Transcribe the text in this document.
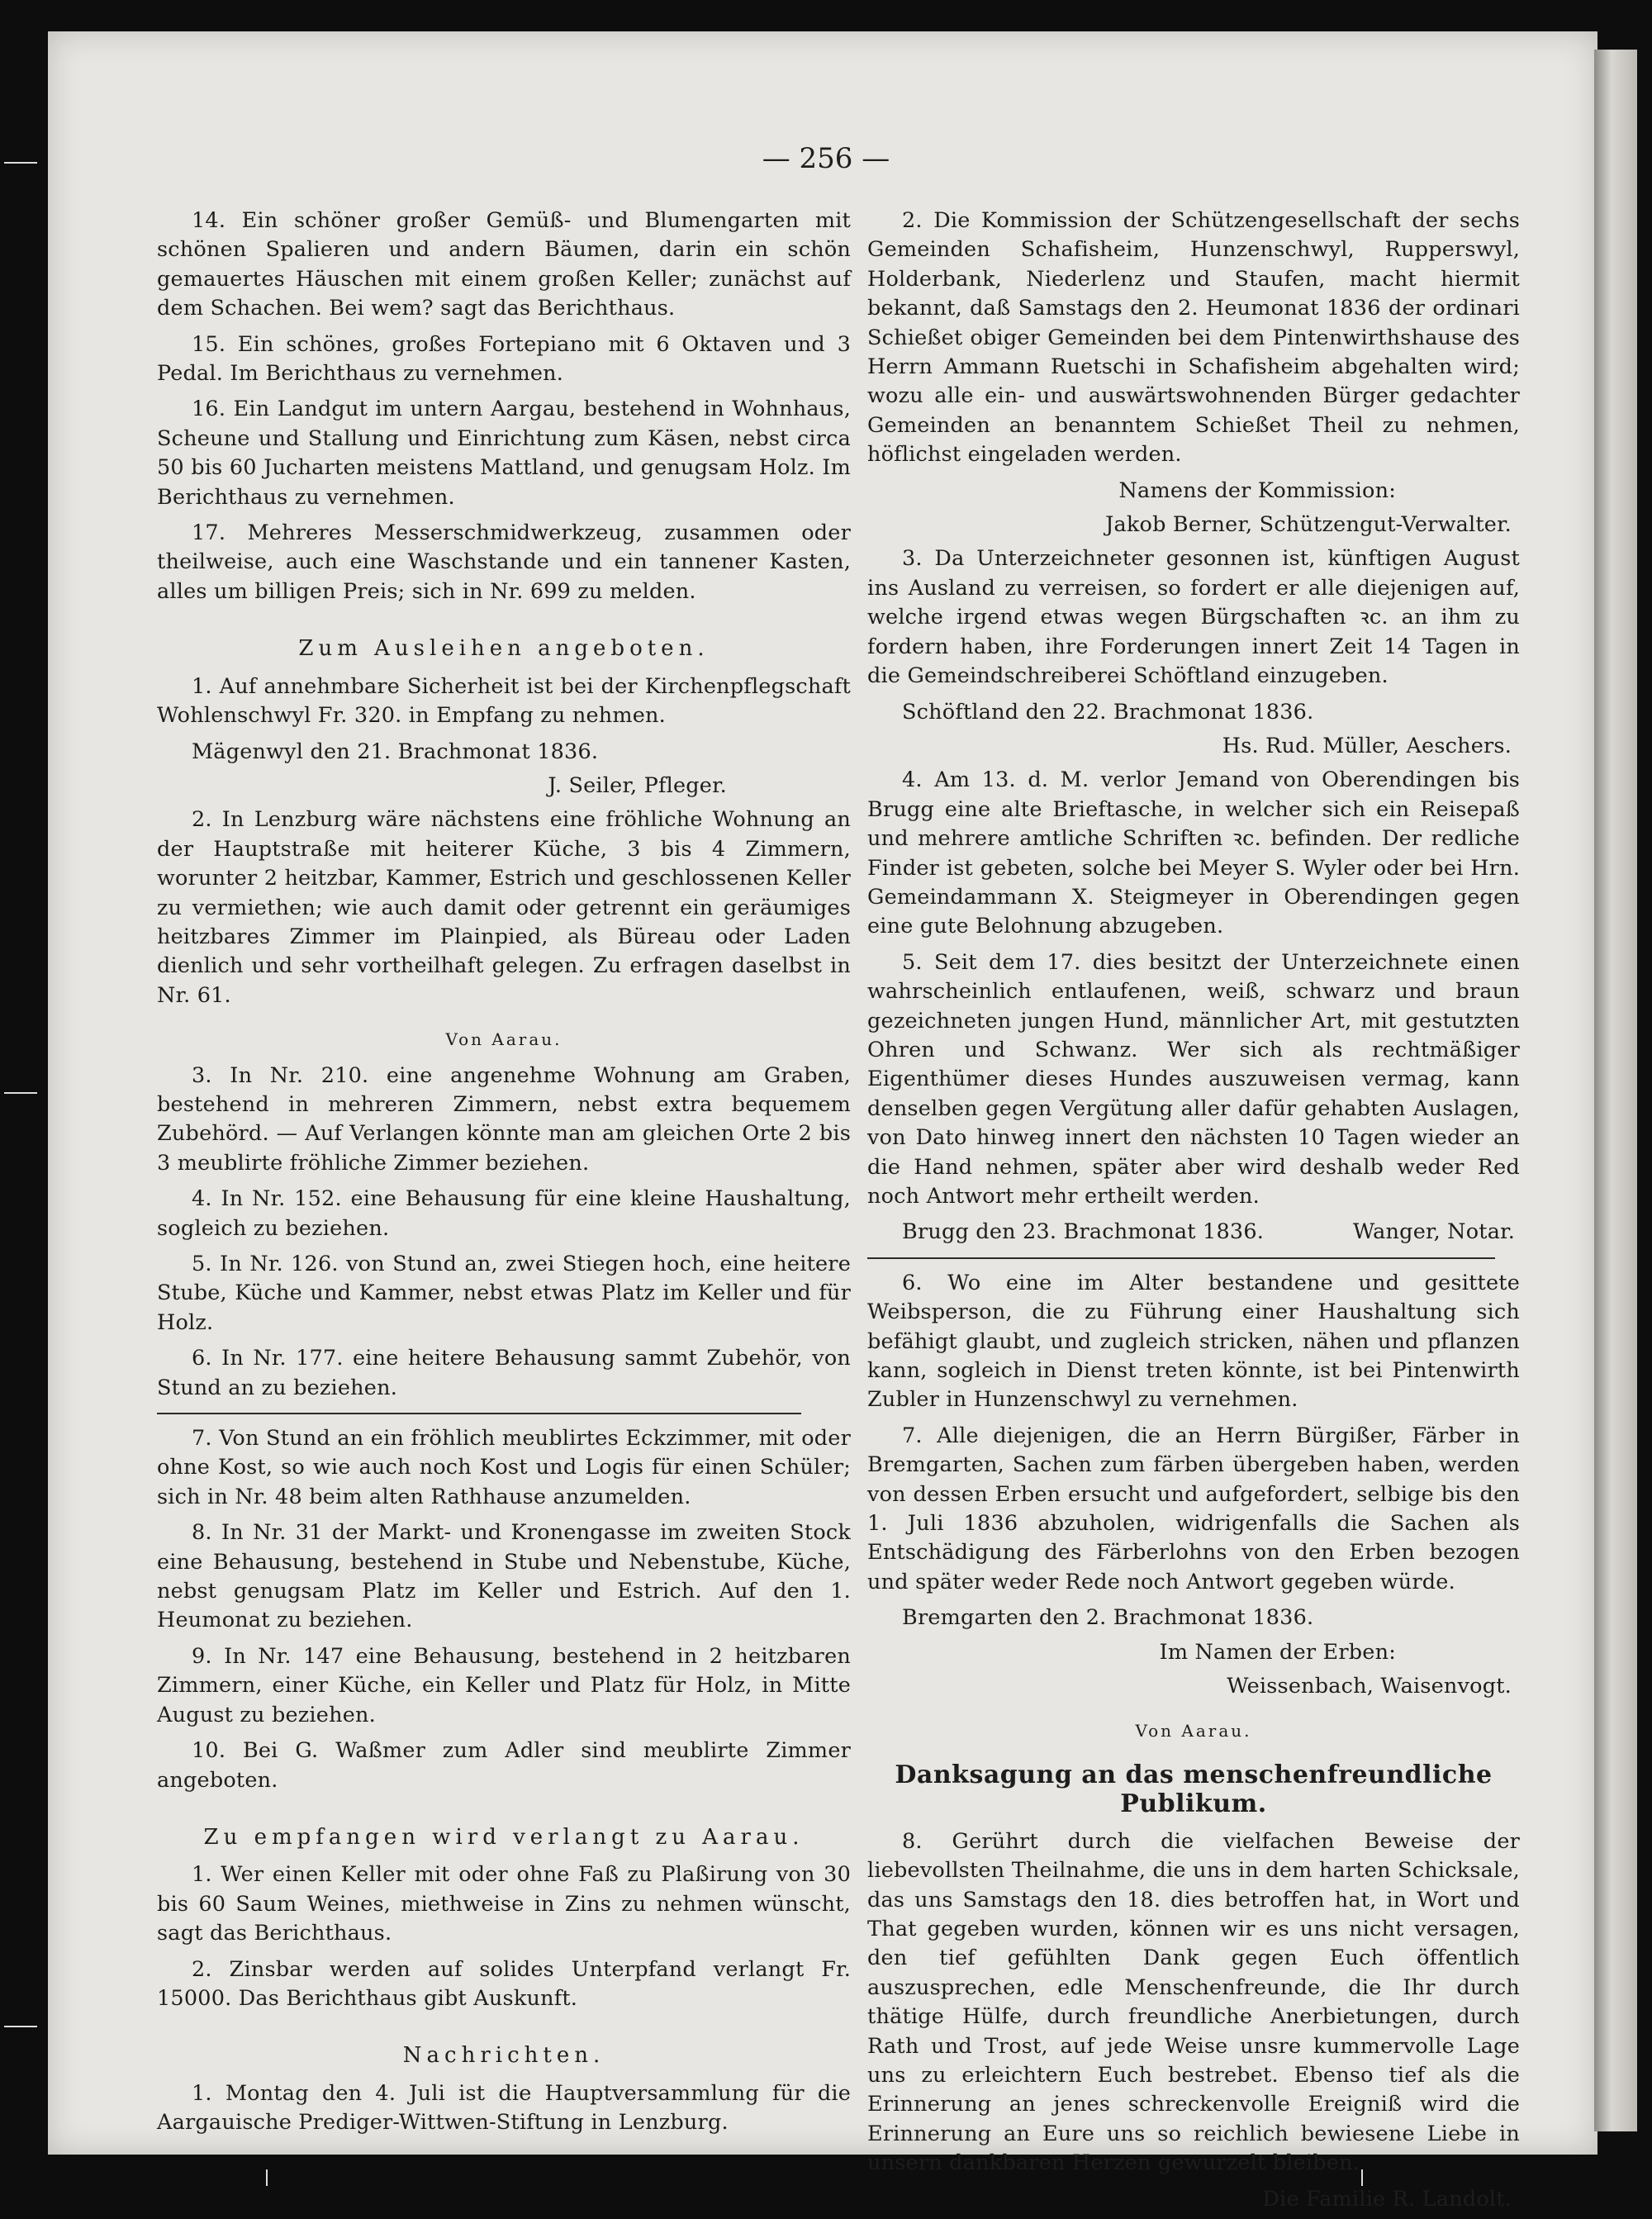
— 256 —

14. Ein schöner großer Gemüß- und Blumengarten mit schönen Spalieren und andern Bäumen, darin ein schön gemauertes Häuschen mit einem großen Keller; zunächst auf dem Schachen. Bei wem? sagt das Berichthaus.

15. Ein schönes, großes Fortepiano mit 6 Oktaven und 3 Pedal. Im Berichthaus zu vernehmen.

16. Ein Landgut im untern Aargau, bestehend in Wohnhaus, Scheune und Stallung und Einrichtung zum Käsen, nebst circa 50 bis 60 Jucharten meistens Mattland, und genugsam Holz. Im Berichthaus zu vernehmen.

17. Mehreres Messerschmidwerkzeug, zusammen oder theilweise, auch eine Waschstande und ein tannener Kasten, alles um billigen Preis; sich in Nr. 699 zu melden.

Zum Ausleihen angeboten.

1. Auf annehmbare Sicherheit ist bei der Kirchenpflegschaft Wohlenschwyl Fr. 320. in Empfang zu nehmen.

Mägenwyl den 21. Brachmonat 1836.
J. Seiler, Pfleger.

2. In Lenzburg wäre nächstens eine fröhliche Wohnung an der Hauptstraße mit heiterer Küche, 3 bis 4 Zimmern, worunter 2 heitzbar, Kammer, Estrich und geschlossenen Keller zu vermiethen; wie auch damit oder getrennt ein geräumiges heitzbares Zimmer im Plainpied, als Büreau oder Laden dienlich und sehr vortheilhaft gelegen. Zu erfragen daselbst in Nr. 61.

Von Aarau.

3. In Nr. 210. eine angenehme Wohnung am Graben, bestehend in mehreren Zimmern, nebst extra bequemem Zubehörd. — Auf Verlangen könnte man am gleichen Orte 2 bis 3 meublirte fröhliche Zimmer beziehen.

4. In Nr. 152. eine Behausung für eine kleine Haushaltung, sogleich zu beziehen.

5. In Nr. 126. von Stund an, zwei Stiegen hoch, eine heitere Stube, Küche und Kammer, nebst etwas Platz im Keller und für Holz.

6. In Nr. 177. eine heitere Behausung sammt Zubehör, von Stund an zu beziehen.

7. Von Stund an ein fröhlich meublirtes Eckzimmer, mit oder ohne Kost, so wie auch noch Kost und Logis für einen Schüler; sich in Nr. 48 beim alten Rathhause anzumelden.

8. In Nr. 31 der Markt- und Kronengasse im zweiten Stock eine Behausung, bestehend in Stube und Nebenstube, Küche, nebst genugsam Platz im Keller und Estrich. Auf den 1. Heumonat zu beziehen.

9. In Nr. 147 eine Behausung, bestehend in 2 heitzbaren Zimmern, einer Küche, ein Keller und Platz für Holz, in Mitte August zu beziehen.

10. Bei G. Waßmer zum Adler sind meublirte Zimmer angeboten.

Zu empfangen wird verlangt zu Aarau.

1. Wer einen Keller mit oder ohne Faß zu Plaßirung von 30 bis 60 Saum Weines, miethweise in Zins zu nehmen wünscht, sagt das Berichthaus.

2. Zinsbar werden auf solides Unterpfand verlangt Fr. 15000. Das Berichthaus gibt Auskunft.

Nachrichten.

1. Montag den 4. Juli ist die Hauptversammlung für die Aargauische Prediger-Wittwen-Stiftung in Lenzburg.

2. Die Kommission der Schützengesellschaft der sechs Gemeinden Schafisheim, Hunzenschwyl, Rupperswyl, Holderbank, Niederlenz und Staufen, macht hiermit bekannt, daß Samstags den 2. Heumonat 1836 der ordinari Schießet obiger Gemeinden bei dem Pintenwirthshause des Herrn Ammann Ruetschi in Schafisheim abgehalten wird; wozu alle ein- und auswärtswohnenden Bürger gedachter Gemeinden an benanntem Schießet Theil zu nehmen, höflichst eingeladen werden.

Namens der Kommission:
Jakob Berner, Schützengut-Verwalter.

3. Da Unterzeichneter gesonnen ist, künftigen August ins Ausland zu verreisen, so fordert er alle diejenigen auf, welche irgend etwas wegen Bürgschaften ꝛc. an ihm zu fordern haben, ihre Forderungen innert Zeit 14 Tagen in die Gemeindschreiberei Schöftland einzugeben.

Schöftland den 22. Brachmonat 1836.
Hs. Rud. Müller, Aeschers.

4. Am 13. d. M. verlor Jemand von Oberendingen bis Brugg eine alte Brieftasche, in welcher sich ein Reisepaß und mehrere amtliche Schriften ꝛc. befinden. Der redliche Finder ist gebeten, solche bei Meyer S. Wyler oder bei Hrn. Gemeindammann X. Steigmeyer in Oberendingen gegen eine gute Belohnung abzugeben.

5. Seit dem 17. dies besitzt der Unterzeichnete einen wahrscheinlich entlaufenen, weiß, schwarz und braun gezeichneten jungen Hund, männlicher Art, mit gestutzten Ohren und Schwanz. Wer sich als rechtmäßiger Eigenthümer dieses Hundes auszuweisen vermag, kann denselben gegen Vergütung aller dafür gehabten Auslagen, von Dato hinweg innert den nächsten 10 Tagen wieder an die Hand nehmen, später aber wird deshalb weder Red noch Antwort mehr ertheilt werden.

Brugg den 23. Brachmonat 1836.	Wanger, Notar.

6. Wo eine im Alter bestandene und gesittete Weibsperson, die zu Führung einer Haushaltung sich befähigt glaubt, und zugleich stricken, nähen und pflanzen kann, sogleich in Dienst treten könnte, ist bei Pintenwirth Zubler in Hunzenschwyl zu vernehmen.

7. Alle diejenigen, die an Herrn Bürgißer, Färber in Bremgarten, Sachen zum färben übergeben haben, werden von dessen Erben ersucht und aufgefordert, selbige bis den 1. Juli 1836 abzuholen, widrigenfalls die Sachen als Entschädigung des Färberlohns von den Erben bezogen und später weder Rede noch Antwort gegeben würde.

Bremgarten den 2. Brachmonat 1836.
Im Namen der Erben:
Weissenbach, Waisenvogt.
Von Aarau.
Danksagung an das menschenfreundliche Publikum.

8. Gerührt durch die vielfachen Beweise der liebevollsten Theilnahme, die uns in dem harten Schicksale, das uns Samstags den 18. dies betroffen hat, in Wort und That gegeben wurden, können wir es uns nicht versagen, den tief gefühlten Dank gegen Euch öffentlich auszusprechen, edle Menschenfreunde, die Ihr durch thätige Hülfe, durch freundliche Anerbietungen, durch Rath und Trost, auf jede Weise unsre kummervolle Lage uns zu erleichtern Euch bestrebet. Ebenso tief als die Erinnerung an jenes schreckenvolle Ereigniß wird die Erinnerung an Eure uns so reichlich bewiesene Liebe in unsern dankbaren Herzen gewurzelt bleiben.

Die Familie R. Landolt.
